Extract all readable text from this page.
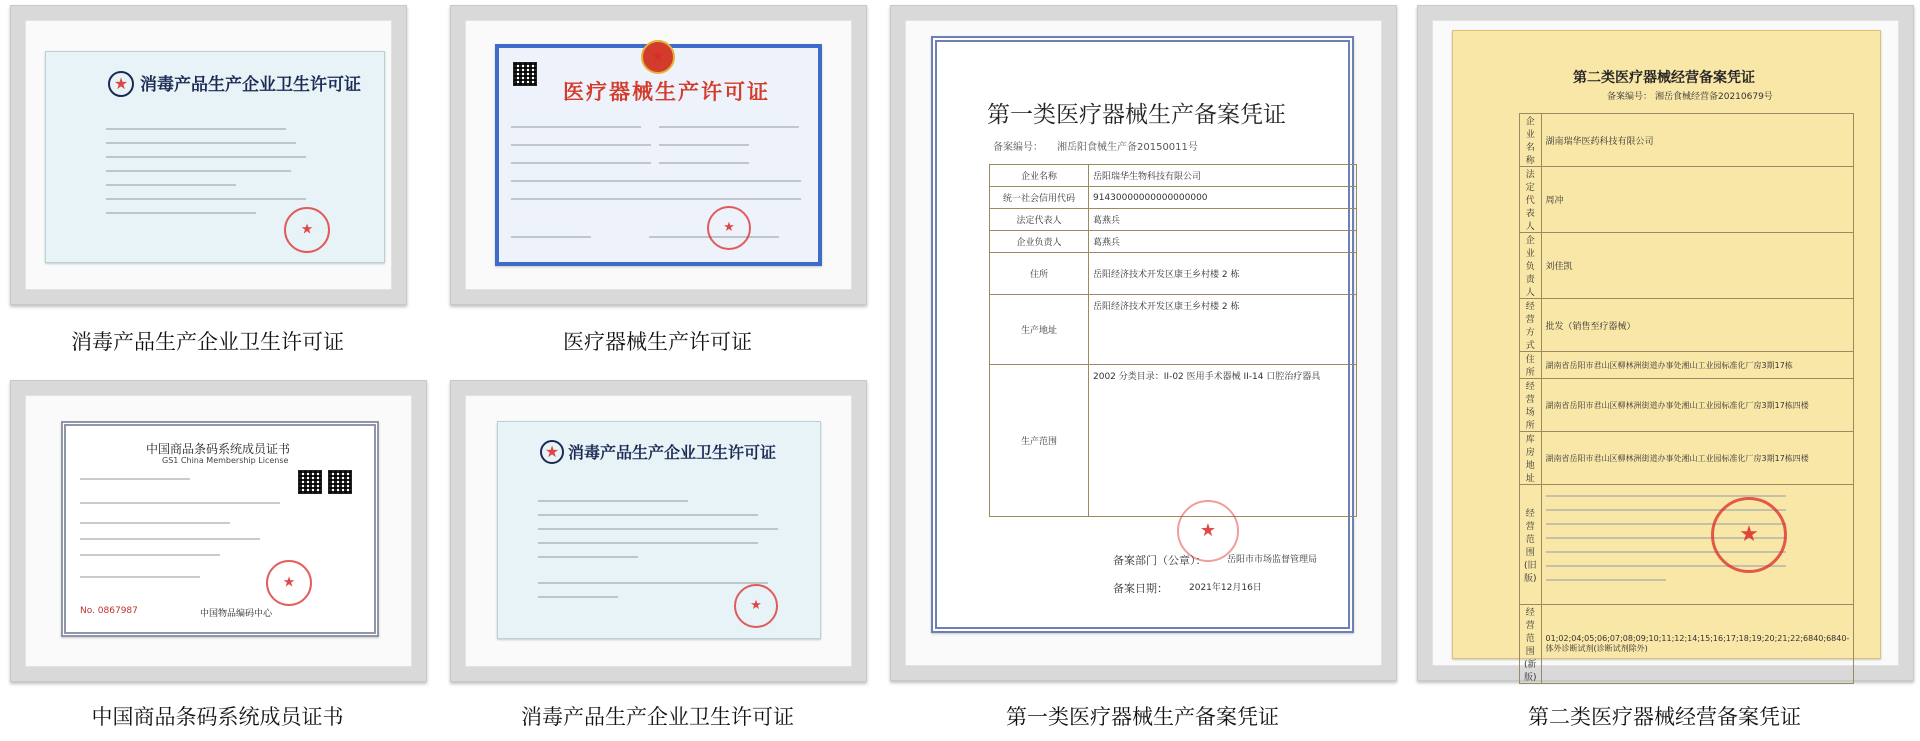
★
消毒产品生产企业卫生许可证
★
消毒产品生产企业卫生许可证
★
医疗器械生产许可证
★
医疗器械生产许可证
中国商品条码系统成员证书
GS1 China Membership License
★
No. 0867987	中国物品编码中心
中国商品条码系统成员证书
★
消毒产品生产企业卫生许可证
★
消毒产品生产企业卫生许可证
第一类医疗器械生产备案凭证
备案编号： 湘岳阳食械生产备20150011号
企业名称	岳阳瑞华生物科技有限公司
统一社会信用代码	91430000000000000000
法定代表人	葛燕兵
企业负责人	葛燕兵
住所	岳阳经济技术开发区康王乡村楼 2 栋
生产地址	岳阳经济技术开发区康王乡村楼 2 栋
生产范围	2002 分类目录：II-02 医用手术器械 II-14 口腔治疗器具
★
备案部门（公章）： 岳阳市市场监督管理局
备案日期： 2021年12月16日
第一类医疗器械生产备案凭证
第二类医疗器械经营备案凭证
备案编号： 湘岳食械经营备20210679号
企业名称	湖南瑞华医药科技有限公司
法定代表人	周冲
企业负责人	刘佳凯
经营方式	批发（销售至疗器械）
住所	湖南省岳阳市君山区柳林洲街道办事处湘山工业园标准化厂房3期17栋
经营场所	湖南省岳阳市君山区柳林洲街道办事处湘山工业园标准化厂房3期17栋四楼
库房地址	湖南省岳阳市君山区柳林洲街道办事处湘山工业园标准化厂房3期17栋四楼
经营范围(旧版)	

经营范围(新版)	01;02;04;05;06;07;08;09;10;11;12;14;15;16;17;18;19;20;21;22;6840;6840-体外诊断试剂(诊断试剂除外)
★
第二类医疗器械经营备案凭证
